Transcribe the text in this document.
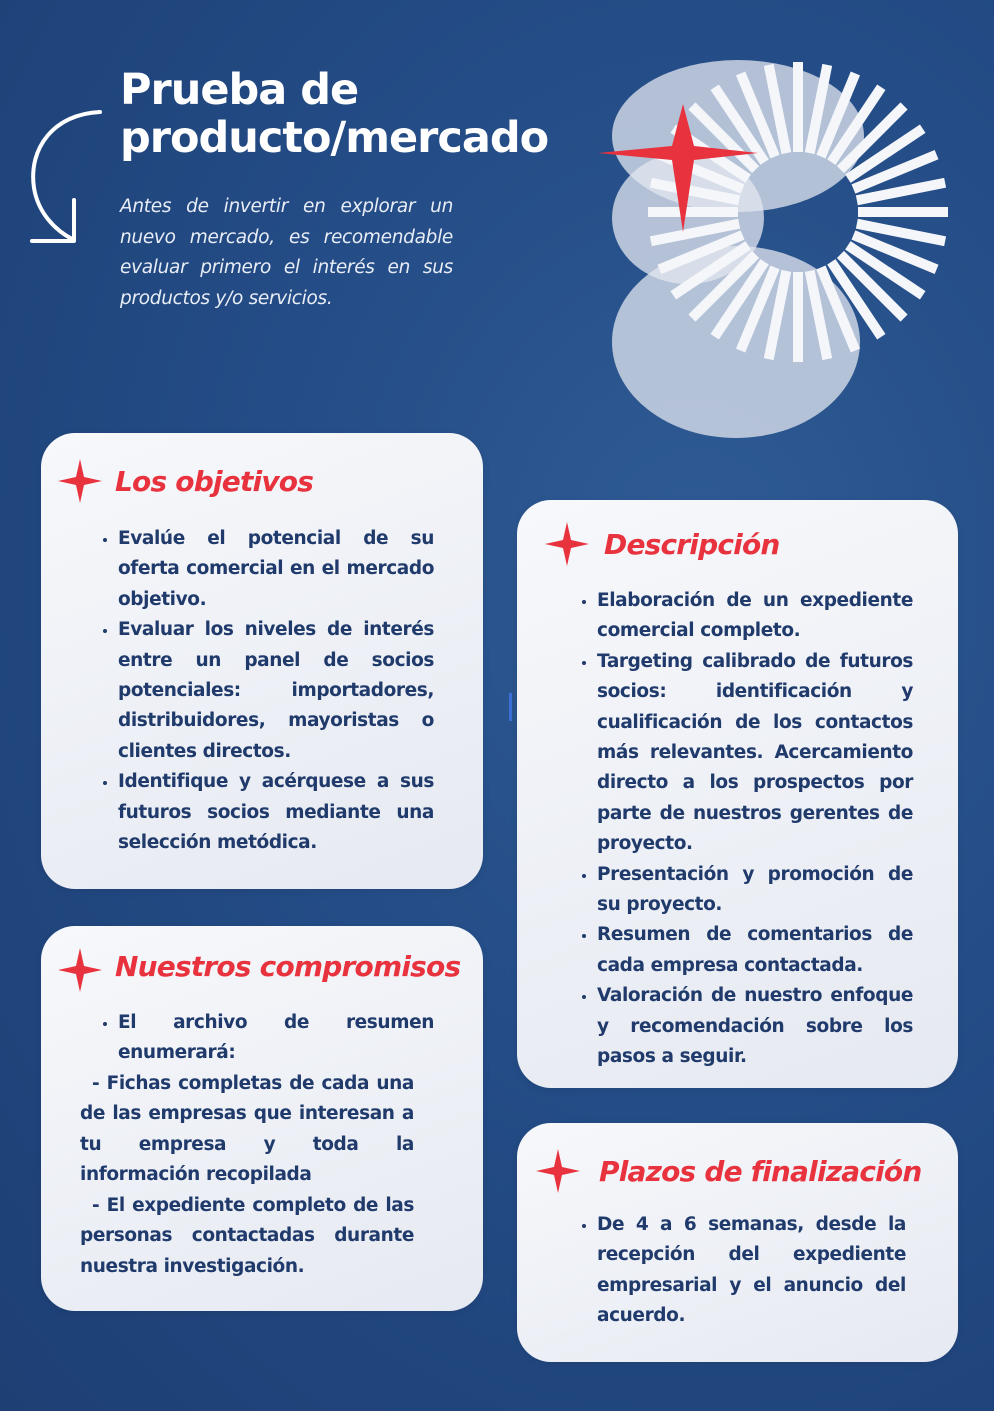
Prueba de
producto/mercado

Antes de invertir en explorar un nuevo mercado, es recomendable evaluar primero el interés en sus productos y/o servicios.

Los objetivos
• Evalúe el potencial de su oferta comercial en el mercado objetivo.
• Evaluar los niveles de interés entre un panel de socios potenciales: importadores, distribuidores, mayoristas o clientes directos.
• Identifique y acérquese a sus futuros socios mediante una selección metódica.
Descripción
• Elaboración de un expediente comercial completo.
• Targeting calibrado de futuros socios: identificación y cualificación de los contactos más relevantes. Acercamiento directo a los prospectos por parte de nuestros gerentes de proyecto.
• Presentación y promoción de su proyecto.
• Resumen de comentarios de cada empresa contactada.
• Valoración de nuestro enfoque y recomendación sobre los pasos a seguir.
Nuestros compromisos
• El archivo de resumen enumerará:

- Fichas completas de cada una de las empresas que interesan a tu empresa y toda la información recopilada

- El expediente completo de las personas contactadas durante nuestra investigación.

Plazos de finalización
• De 4 a 6 semanas, desde la recepción del expediente empresarial y el anuncio del acuerdo.
